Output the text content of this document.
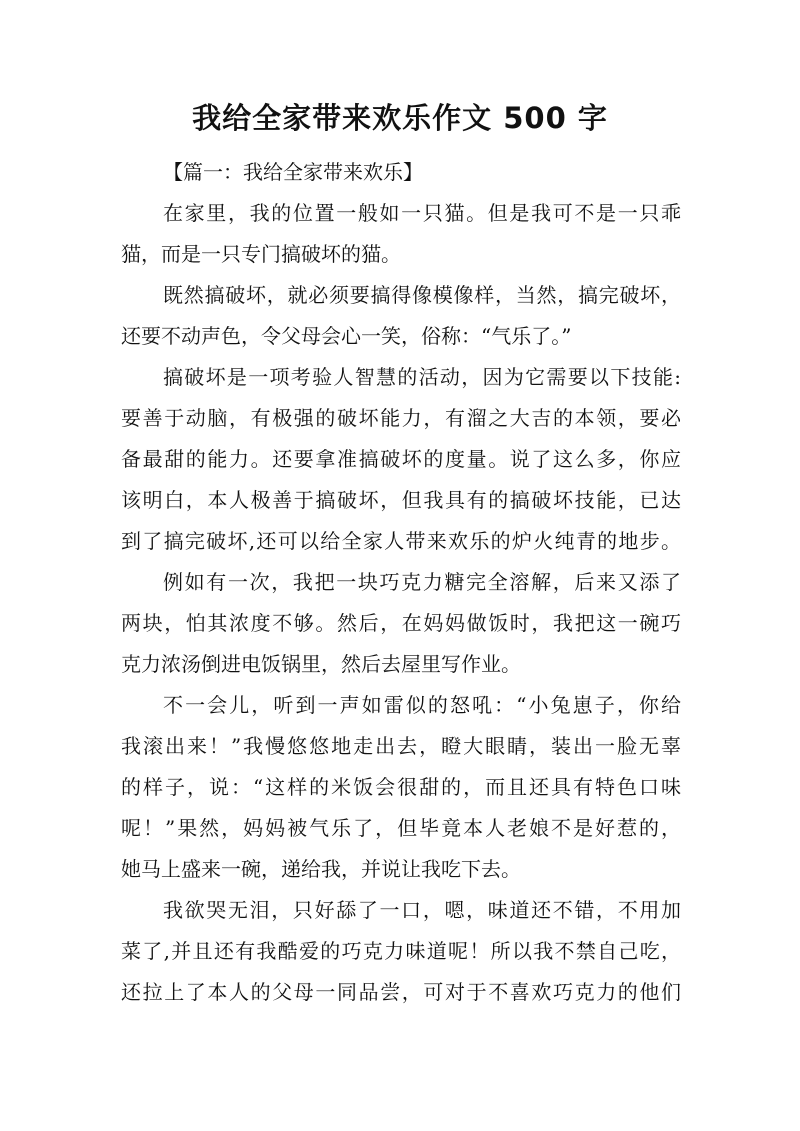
我给全家带来欢乐作文 500 字
【篇一：我给全家带来欢乐】
在家里，我的位置一般如一只猫。但是我可不是一只乖
猫，而是一只专门搞破坏的猫。
既然搞破坏，就必须要搞得像模像样，当然，搞完破坏，
还要不动声色，令父母会心一笑，俗称：“气乐了。”
搞破坏是一项考验人智慧的活动，因为它需要以下技能:
要善于动脑，有极强的破坏能力，有溜之大吉的本领，要必
备最甜的能力。还要拿准搞破坏的度量。说了这么多，你应
该明白，本人极善于搞破坏，但我具有的搞破坏技能，已达
到了搞完破坏,还可以给全家人带来欢乐的炉火纯青的地步。
例如有一次，我把一块巧克力糖完全溶解，后来又添了
两块，怕其浓度不够。然后，在妈妈做饭时，我把这一碗巧
克力浓汤倒进电饭锅里，然后去屋里写作业。
不一会儿，听到一声如雷似的怒吼：“小兔崽子，你给
我滚出来！”我慢悠悠地走出去，瞪大眼睛，装出一脸无辜
的样子，说：“这样的米饭会很甜的，而且还具有特色口味
呢！”果然，妈妈被气乐了，但毕竟本人老娘不是好惹的，
她马上盛来一碗，递给我，并说让我吃下去。
我欲哭无泪，只好舔了一口，嗯，味道还不错，不用加
菜了,并且还有我酷爱的巧克力味道呢！所以我不禁自己吃，
还拉上了本人的父母一同品尝，可对于不喜欢巧克力的他们
